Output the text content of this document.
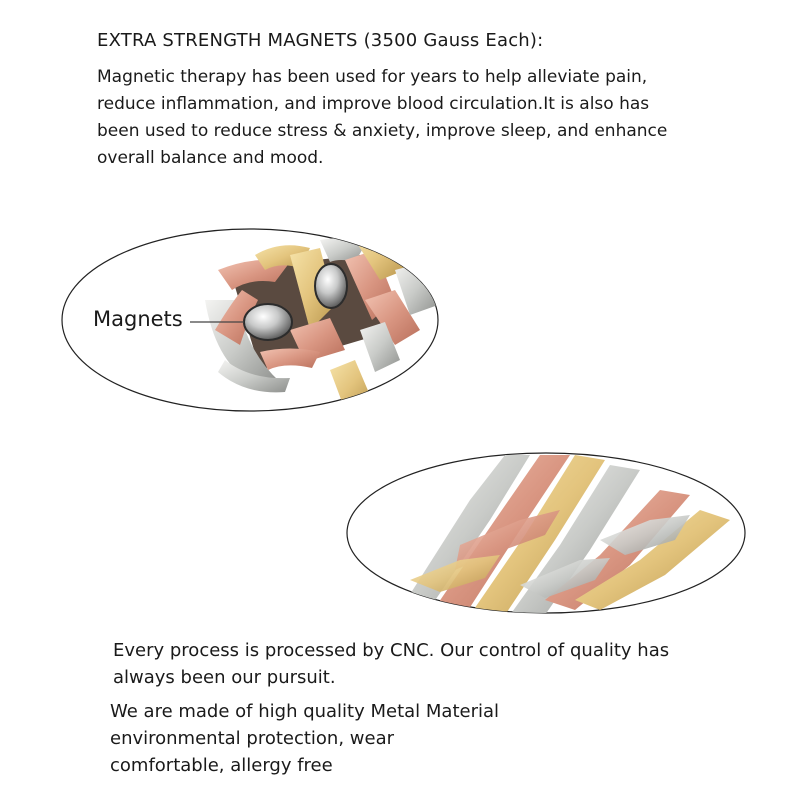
EXTRA STRENGTH MAGNETS (3500 Gauss Each):

Magnetic therapy has been used for years to help alleviate pain,
reduce inflammation, and improve blood circulation.It is also has
been used to reduce stress & anxiety, improve sleep, and enhance
overall balance and mood.

Magnets

Every process is processed by CNC. Our control of quality has
always been our pursuit.

We are made of high quality Metal Material
environmental protection, wear
comfortable, allergy free
